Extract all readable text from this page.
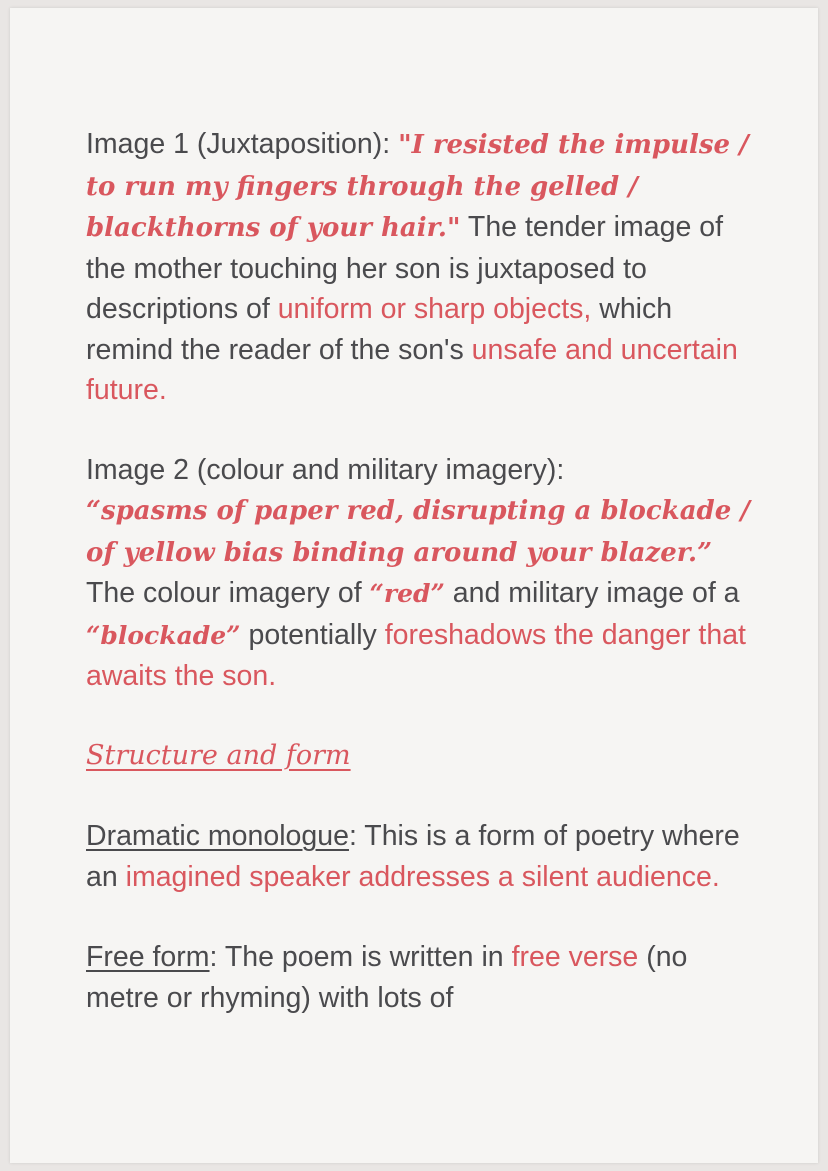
Image 1 (Juxtaposition): "I resisted the impulse / to run my fingers through the gelled / blackthorns of your hair." The tender image of the mother touching her son is juxtaposed to descriptions of uniform or sharp objects, which remind the reader of the son's unsafe and uncertain future.

Image 2 (colour and military imagery):
“spasms of paper red, disrupting a blockade / of yellow bias binding around your blazer.”
The colour imagery of “red” and military image of a “blockade” potentially foreshadows the danger that awaits the son.

Structure and form

Dramatic monologue: This is a form of poetry where an imagined speaker addresses a silent audience.

Free form: The poem is written in free verse (no metre or rhyming) with lots of
